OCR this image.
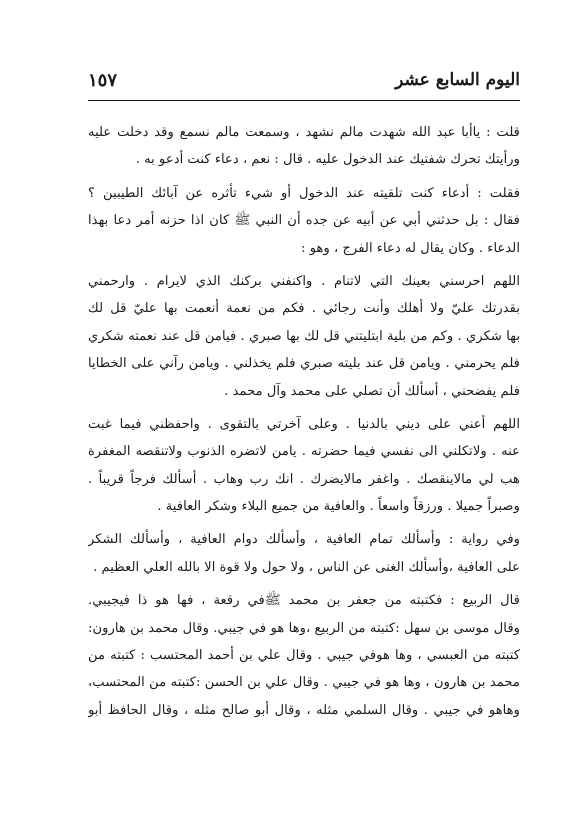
اليوم السابع عشر
١٥٧
قلت : ياأبا عبد الله شهدت مالم نشهد ، وسمعت مالم نسمع وقد دخلت عليه
ورأيتك تحرك شفتيك عند الدخول عليه . قال : نعم ، دعاء كنت أدعو به .
فقلت : أدعاء كنت تلقيته عند الدخول أو شيء تأثره عن آبائك الطيبين ؟
فقال : بل حدثني أبي عن أبيه عن جده أن النبي ﷺ كان اذا حزنه أمر دعا بهذا
الدعاء . وكان يقال له دعاء الفرج ، وهو :
اللهم احرسني بعينك التي لاتنام . واكنفني بركنك الذي لايرام . وارحمني
بقدرتك عليّ ولا أهلك وأنت رجائي . فكم من نعمة أنعمت بها عليّ قل لك
بها شكري . وكم من بلية ابتليتني قل لك بها صبري . فيامن قل عند نعمته شكري
فلم يحرمني . ويامن قل عند بليته صبري فلم يخذلني . ويامن رآني على الخطايا
فلم يفضحني ، أسألك أن تصلي على محمد وآل محمد .
اللهم أعني على ديني بالدنيا . وعلى آخرتي بالتقوى . واحفظني فيما غبت
عنه . ولاتكلني الى نفسي فيما حضرته . يامن لاتضره الذنوب ولاتنقصه المغفرة
هب لي مالاينقصك . واغفر مالايضرك . انك رب وهاب . أسألك فرجاً قريباً .
وصبراً جميلا . ورزقاً واسعاً . والعافية من جميع البلاء وشكر العافية .
وفي رواية : وأسألك تمام العافية ، وأسألك دوام العافية ، وأسألك الشكر
على العافية ،وأسألك الغنى عن الناس ، ولا حول ولا قوة الا بالله العلي العظيم .
قال الربيع : فكتبته من جعفر بن محمد ﷺفي رقعة ، فها هو ذا فيجيبي.
وقال موسى بن سهل :كتبته من الربيع ،وها هو في جيبي. وقال محمد بن هارون:
كتبته من العبسي ، وها هوفي جيبي . وقال علي بن أحمد المحتسب : كتبته من
محمد بن هارون ، وها هو في جيبي . وقال علي بن الحسن :كتبته من المحتسب،
وهاهو في جيبي . وقال السلمي مثله ، وقال أبو صالح مثله ، وقال الحافظ أبو
